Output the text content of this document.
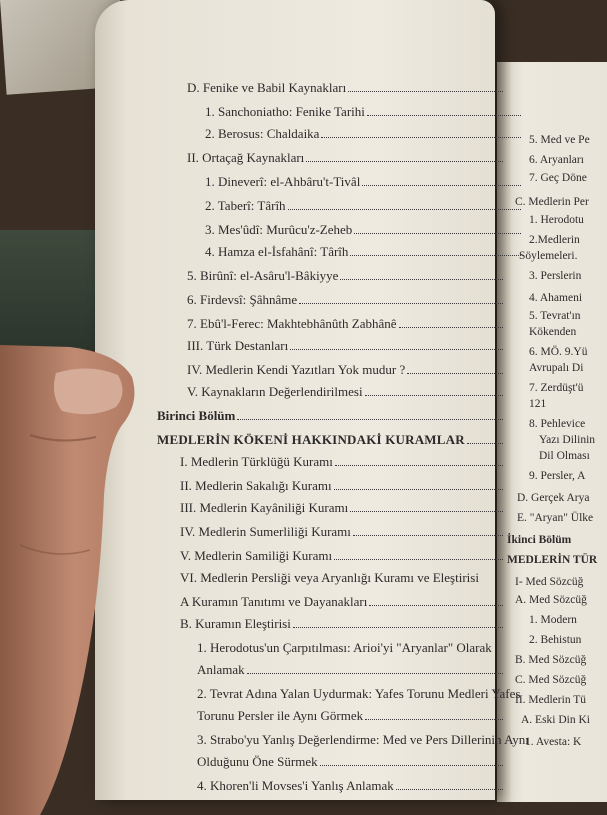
5. Med ve Pe
6. Aryanları
7. Geç Döne
C. Medlerin Per
1. Herodotu
2.Medlerin
Söylemeleri.
3. Perslerin
4. Ahameni
5. Tevrat'ın
Kökenden
6. MÖ. 9.Yü
Avrupalı Di
7. Zerdüşt'ü
121
8. Pehlevice
Yazı Dilinin
Dil Olması
9. Persler, A
D. Gerçek Arya
E. "Aryan" Ülke
İkinci Bölüm
MEDLERİN TÜR
I- Med Sözcüğ
A. Med Sözcüğ
1. Modern
2. Behistun
B. Med Sözcüğ
C. Med Sözcüğ
II. Medlerin Tü
A. Eski Din Ki
1. Avesta: K
D. Fenike ve Babil Kaynakları
1. Sanchoniatho: Fenike Tarihi
2. Berosus: Chaldaika
II. Ortaçağ Kaynakları
1. Dineverî: el-Ahbâru't-Tivâl
2. Taberî: Târîh
3. Mes'ûdî: Murûcu'z-Zeheb
4. Hamza el-İsfahânî: Târîh
5. Birûnî: el-Asâru'l-Bâkiyye
6. Firdevsî: Şâhnâme
7. Ebû'l-Ferec: Makhtebhânûth Zabhânê
III. Türk Destanları
IV. Medlerin Kendi Yazıtları Yok mudur ?
V. Kaynakların Değerlendirilmesi
Birinci Bölüm
MEDLERİN KÖKENİ HAKKINDAKİ KURAMLAR
I. Medlerin Türklüğü Kuramı
II. Medlerin Sakalığı Kuramı
III. Medlerin Kayâniliği Kuramı
IV. Medlerin Sumerliliği Kuramı
V. Medlerin Samiliği Kuramı
VI. Medlerin Persliği veya Aryanlığı Kuramı ve Eleştirisi
A Kuramın Tanıtımı ve Dayanakları
B. Kuramın Eleştirisi
1. Herodotus'un Çarpıtılması: Arioi'yi "Aryanlar" Olarak
Anlamak
2. Tevrat Adına Yalan Uydurmak: Yafes Torunu Medleri Yafes
Torunu Persler ile Aynı Görmek
3. Strabo'yu Yanlış Değerlendirme: Med ve Pers Dillerinin Aynı
Olduğunu Öne Sürmek
4. Khoren'li Movses'i Yanlış Anlamak
